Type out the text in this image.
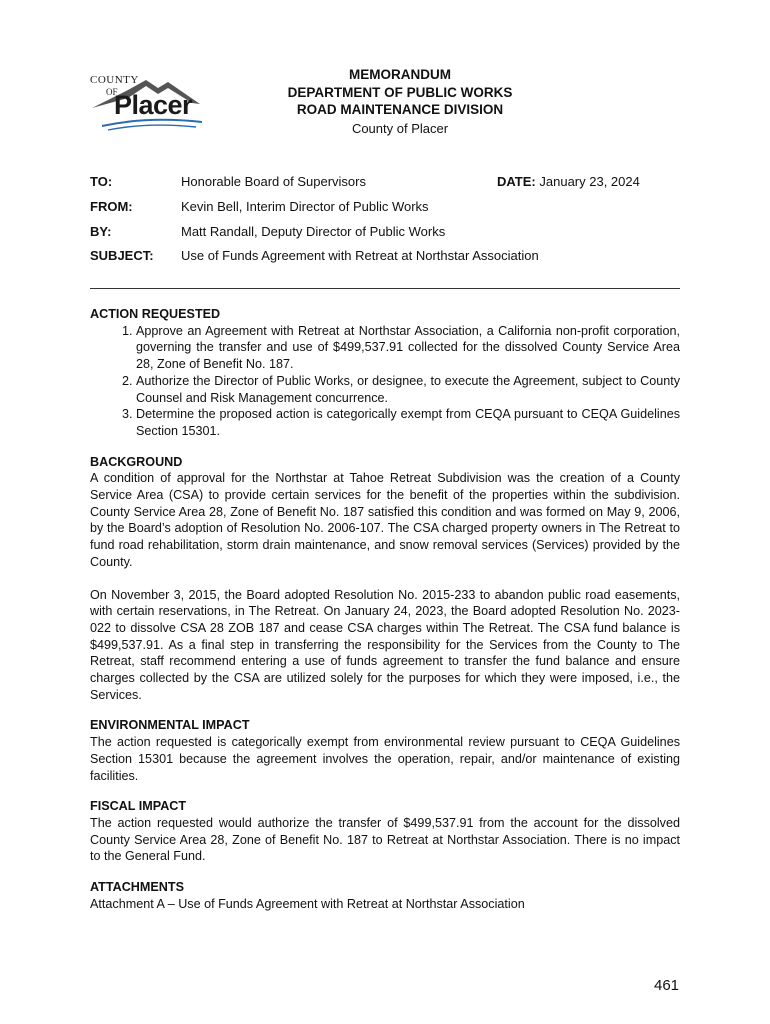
COUNTY
OF
Placer
MEMORANDUM
DEPARTMENT OF PUBLIC WORKS
ROAD MAINTENANCE DIVISION
County of Placer
TO:	Honorable Board of Supervisors	DATE: January 23, 2024
FROM:	Kevin Bell, Interim Director of Public Works
BY:	Matt Randall, Deputy Director of Public Works
SUBJECT: Use of Funds Agreement with Retreat at Northstar Association
ACTION REQUESTED
1. Approve an Agreement with Retreat at Northstar Association, a California non-profit corporation, governing the transfer and use of $499,537.91 collected for the dissolved County Service Area 28, Zone of Benefit No. 187.
2. Authorize the Director of Public Works, or designee, to execute the Agreement, subject to County Counsel and Risk Management concurrence.
3. Determine the proposed action is categorically exempt from CEQA pursuant to CEQA Guidelines Section 15301.
BACKGROUND

A condition of approval for the Northstar at Tahoe Retreat Subdivision was the creation of a County Service Area (CSA) to provide certain services for the benefit of the properties within the subdivision. County Service Area 28, Zone of Benefit No. 187 satisfied this condition and was formed on May 9, 2006, by the Board’s adoption of Resolution No. 2006-107. The CSA charged property owners in The Retreat to fund road rehabilitation, storm drain maintenance, and snow removal services (Services) provided by the County.

On November 3, 2015, the Board adopted Resolution No. 2015-233 to abandon public road easements, with certain reservations, in The Retreat. On January 24, 2023, the Board adopted Resolution No. 2023-022 to dissolve CSA 28 ZOB 187 and cease CSA charges within The Retreat. The CSA fund balance is $499,537.91. As a final step in transferring the responsibility for the Services from the County to The Retreat, staff recommend entering a use of funds agreement to transfer the fund balance and ensure charges collected by the CSA are utilized solely for the purposes for which they were imposed, i.e., the Services.

ENVIRONMENTAL IMPACT

The action requested is categorically exempt from environmental review pursuant to CEQA Guidelines Section 15301 because the agreement involves the operation, repair, and/or maintenance of existing facilities.

FISCAL IMPACT

The action requested would authorize the transfer of $499,537.91 from the account for the dissolved County Service Area 28, Zone of Benefit No. 187 to Retreat at Northstar Association. There is no impact to the General Fund.

ATTACHMENTS

Attachment A – Use of Funds Agreement with Retreat at Northstar Association

461
